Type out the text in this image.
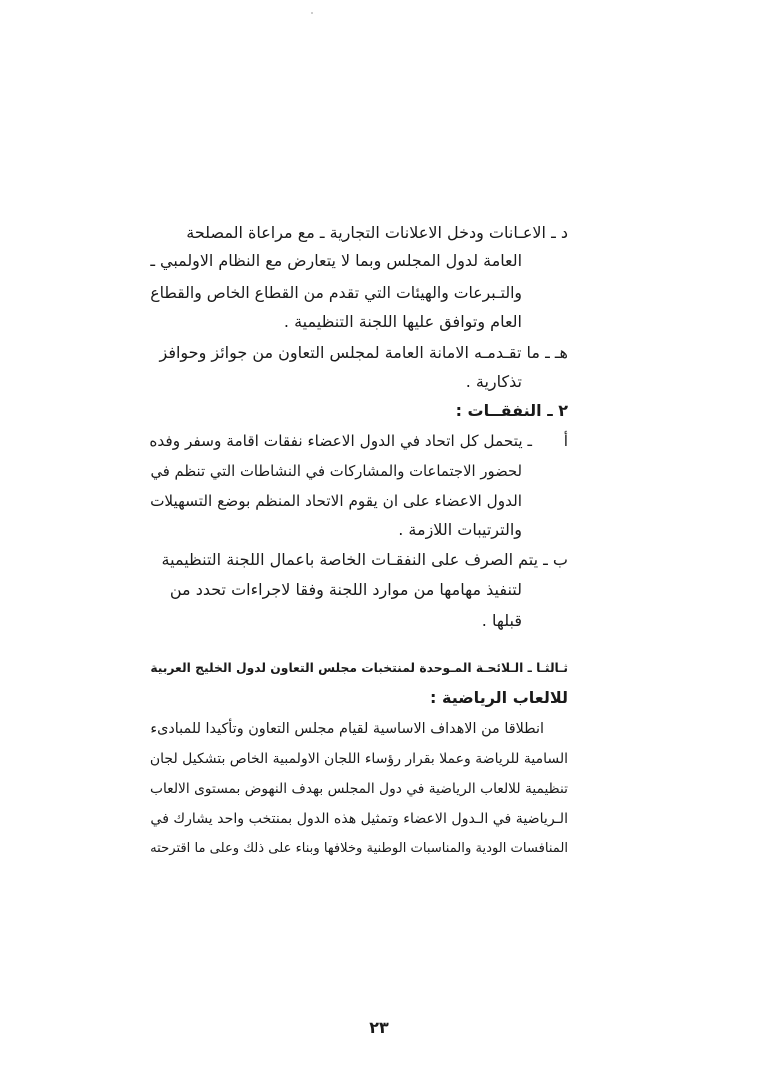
د ـ الاعـانات ودخل الاعلانات التجارية ـ مع مراعاة المصلحة
العامة لدول المجلس وبما لا يتعارض مع النظام الاولمبي ـ
والتـبرعات والهيئات التي تقدم من القطاع الخاص والقطاع
العام وتوافق عليها اللجنة التنظيمية .
هـ ـ ما تقـدمـه الامانة العامة لمجلس التعاون من جوائز وحوافز
تذكارية .
٢ ـ النفقــات :
أ  ـ يتحمل كل اتحاد في الدول الاعضاء نفقات اقامة وسفر وفده
لحضور الاجتماعات والمشاركات في النشاطات التي تنظم في
الدول الاعضاء على ان يقوم الاتحاد المنظم بوضع التسهيلات
والترتيبات اللازمة .
ب ـ يتم الصرف على النفقـات الخاصة باعمال اللجنة التنظيمية
لتنفيذ مهامها من موارد اللجنة وفقا لاجراءات تحدد من
قبلها .
ثـالثـا ـ الـلائحـة المـوحدة لمنتخبات مجلس التعاون لدول الخليج العربية
للالعاب الرياضية :
انطلاقا من الاهداف الاساسية لقيام مجلس التعاون وتأكيدا للمبادىء
السامية للرياضة وعملا بقرار رؤساء اللجان الاولمبية الخاص بتشكيل لجان
تنظيمية للالعاب الرياضية في دول المجلس بهدف النهوض بمستوى الالعاب
الـرياضية في الـدول الاعضاء وتمثيل هذه الدول بمنتخب واحد يشارك في
المنافسات الودية والمناسبات الوطنية وخلافها وبناء على ذلك وعلى ما اقترحته
٢٣
